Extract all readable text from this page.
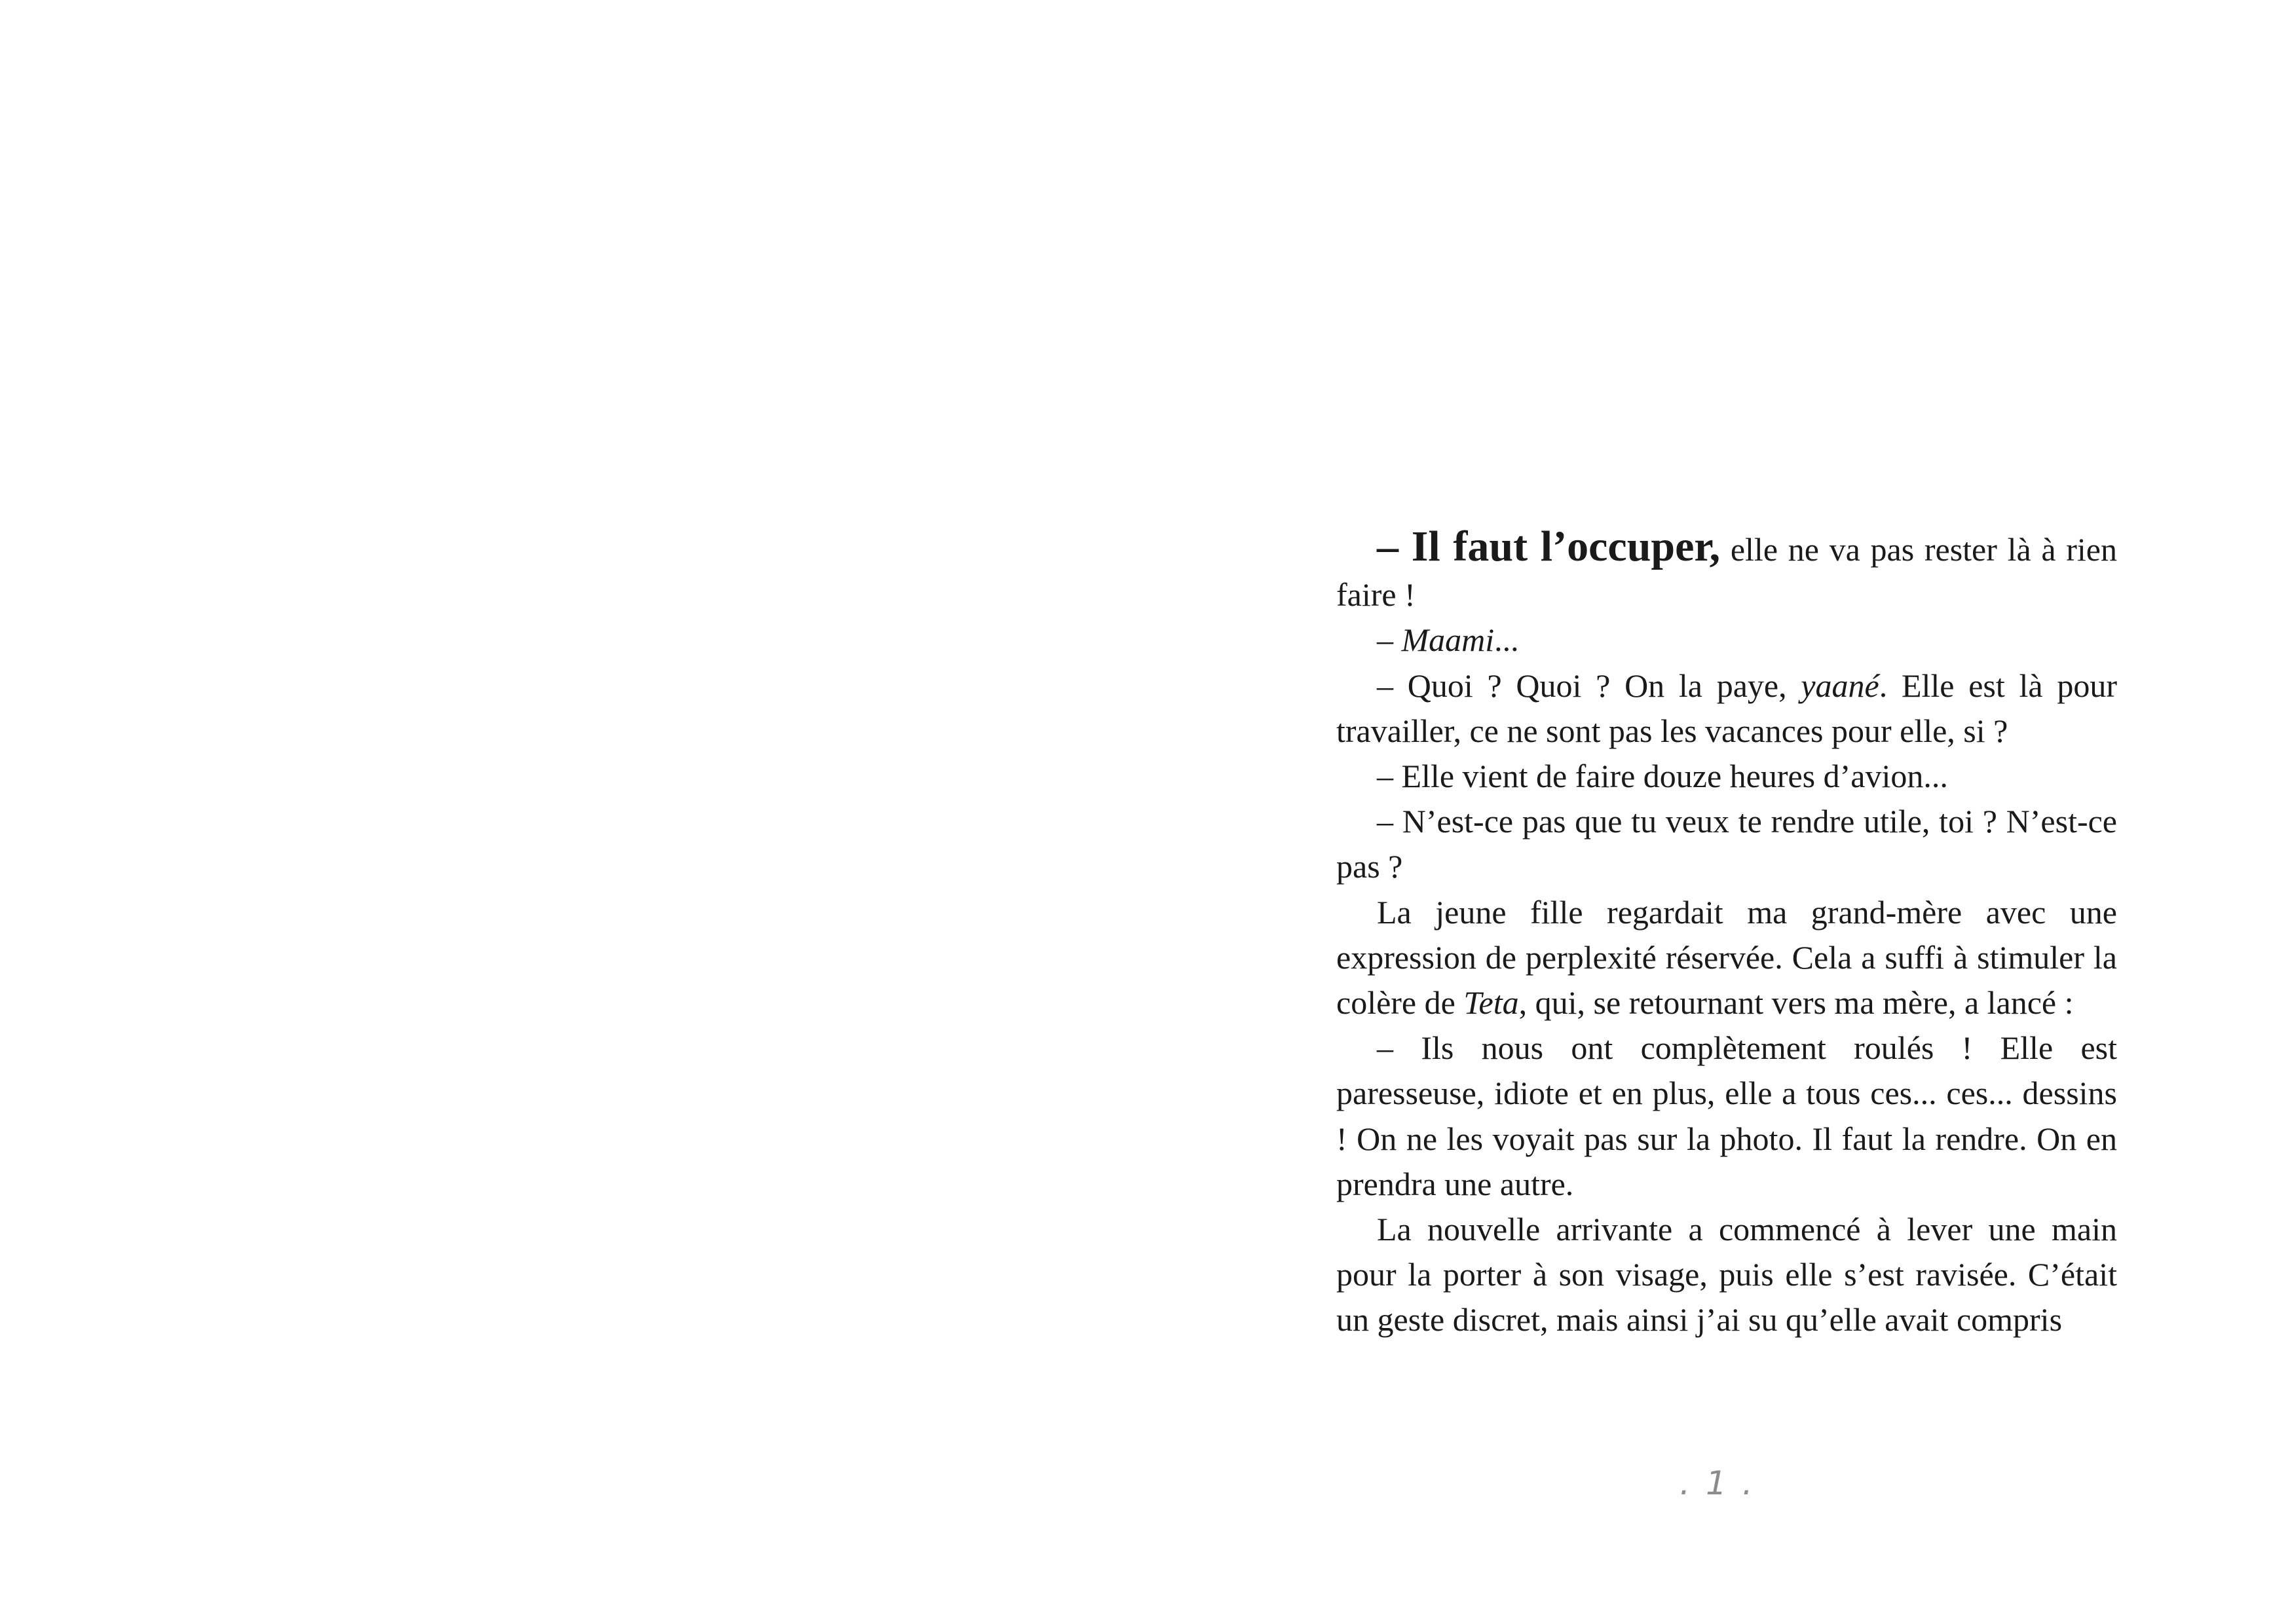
– Il faut l’occuper, elle ne va pas rester là à rien faire !

– Maami...

– Quoi ? Quoi ? On la paye, yaané. Elle est là pour travailler, ce ne sont pas les vacances pour elle, si ?

– Elle vient de faire douze heures d’avion...

– N’est-ce pas que tu veux te rendre utile, toi ? N’est-ce pas ?

La jeune fille regardait ma grand-mère avec une expression de perplexité réservée. Cela a suffi à stimuler la colère de Teta, qui, se retournant vers ma mère, a lancé :

– Ils nous ont complètement roulés ! Elle est paresseuse, idiote et en plus, elle a tous ces... ces... dessins ! On ne les voyait pas sur la photo. Il faut la rendre. On en prendra une autre.

La nouvelle arrivante a commencé à lever une main pour la porter à son visage, puis elle s’est ravisée. C’était un geste discret, mais ainsi j’ai su qu’elle avait compris

. 1 .
